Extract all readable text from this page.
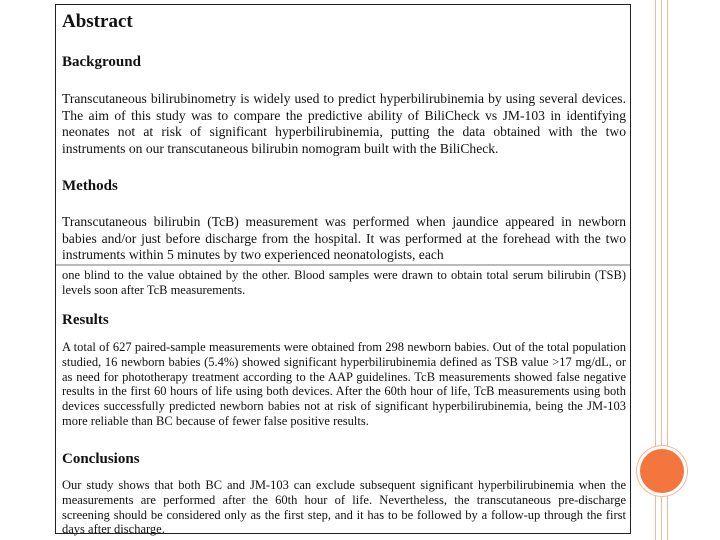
Abstract
Background
Transcutaneous bilirubinometry is widely used to predict hyperbilirubinemia by using several devices. The aim of this study was to compare the predictive ability of BiliCheck vs JM-103 in identifying neonates not at risk of significant hyperbilirubinemia, putting the data obtained with the two instruments on our transcutaneous bilirubin nomogram built with the BiliCheck.
Methods
Transcutaneous bilirubin (TcB) measurement was performed when jaundice appeared in newborn babies and/or just before discharge from the hospital. It was performed at the forehead with the two instruments within 5 minutes by two experienced neonatologists, each
one blind to the value obtained by the other. Blood samples were drawn to obtain total serum bilirubin (TSB) levels soon after TcB measurements.
Results
A total of 627 paired-sample measurements were obtained from 298 newborn babies. Out of the total population studied, 16 newborn babies (5.4%) showed significant hyperbilirubinemia defined as TSB value >17 mg/dL, or as need for phototherapy treatment according to the AAP guidelines. TcB measurements showed false negative results in the first 60 hours of life using both devices. After the 60th hour of life, TcB measurements using both devices successfully predicted newborn babies not at risk of significant hyperbilirubinemia, being the JM-103 more reliable than BC because of fewer false positive results.
Conclusions
Our study shows that both BC and JM-103 can exclude subsequent significant hyperbilirubinemia when the measurements are performed after the 60th hour of life. Nevertheless, the transcutaneous pre-discharge screening should be considered only as the first step, and it has to be followed by a follow-up through the first days after discharge.
